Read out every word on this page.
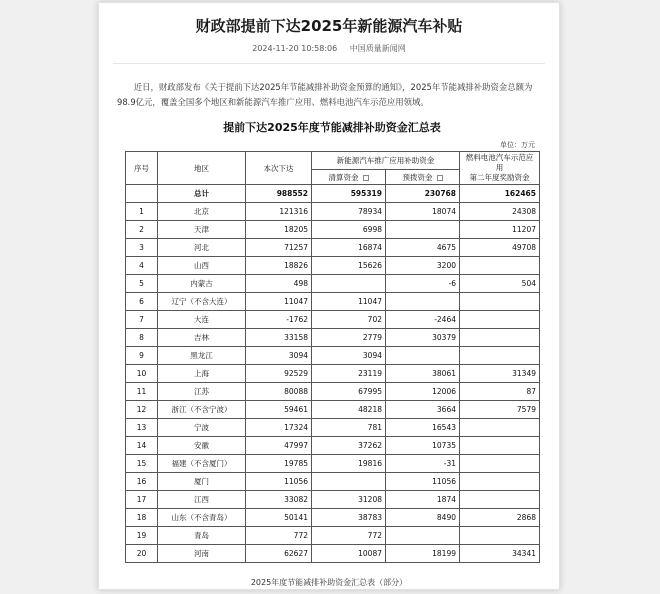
财政部提前下达2025年新能源汽车补贴
2024-11-20 10:58:06 中国质量新闻网
近日，财政部发布《关于提前下达2025年节能减排补助资金预算的通知》，2025年节能减排补助资金总额为98.9亿元，覆盖全国多个地区和新能源汽车推广应用、燃料电池汽车示范应用领域。
提前下达2025年度节能减排补助资金汇总表
单位：万元
序号	地区	本次下达	新能源汽车推广应用补助资金		燃料电池汽车示范应用
第二年度奖励资金
			清算资金	预拨资金	
	总计	988552	595319	230768	162465
1	北京	121316	78934	18074	24308
2	天津	18205	6998		11207
3	河北	71257	16874	4675	49708
4	山西	18826	15626	3200	
5	内蒙古	498		-6	504
6	辽宁（不含大连）	11047	11047		
7	大连	-1762	702	-2464	
8	吉林	33158	2779	30379	
9	黑龙江	3094	3094		
10	上海	92529	23119	38061	31349
11	江苏	80088	67995	12006	87
12	浙江（不含宁波）	59461	48218	3664	7579
13	宁波	17324	781	16543	
14	安徽	47997	37262	10735	
15	福建（不含厦门）	19785	19816	-31	
16	厦门	11056		11056	
17	江西	33082	31208	1874	
18	山东（不含青岛）	50141	38783	8490	2868
19	青岛	772	772		
20	河南	62627	10087	18199	34341
2025年度节能减排补助资金汇总表（部分）
